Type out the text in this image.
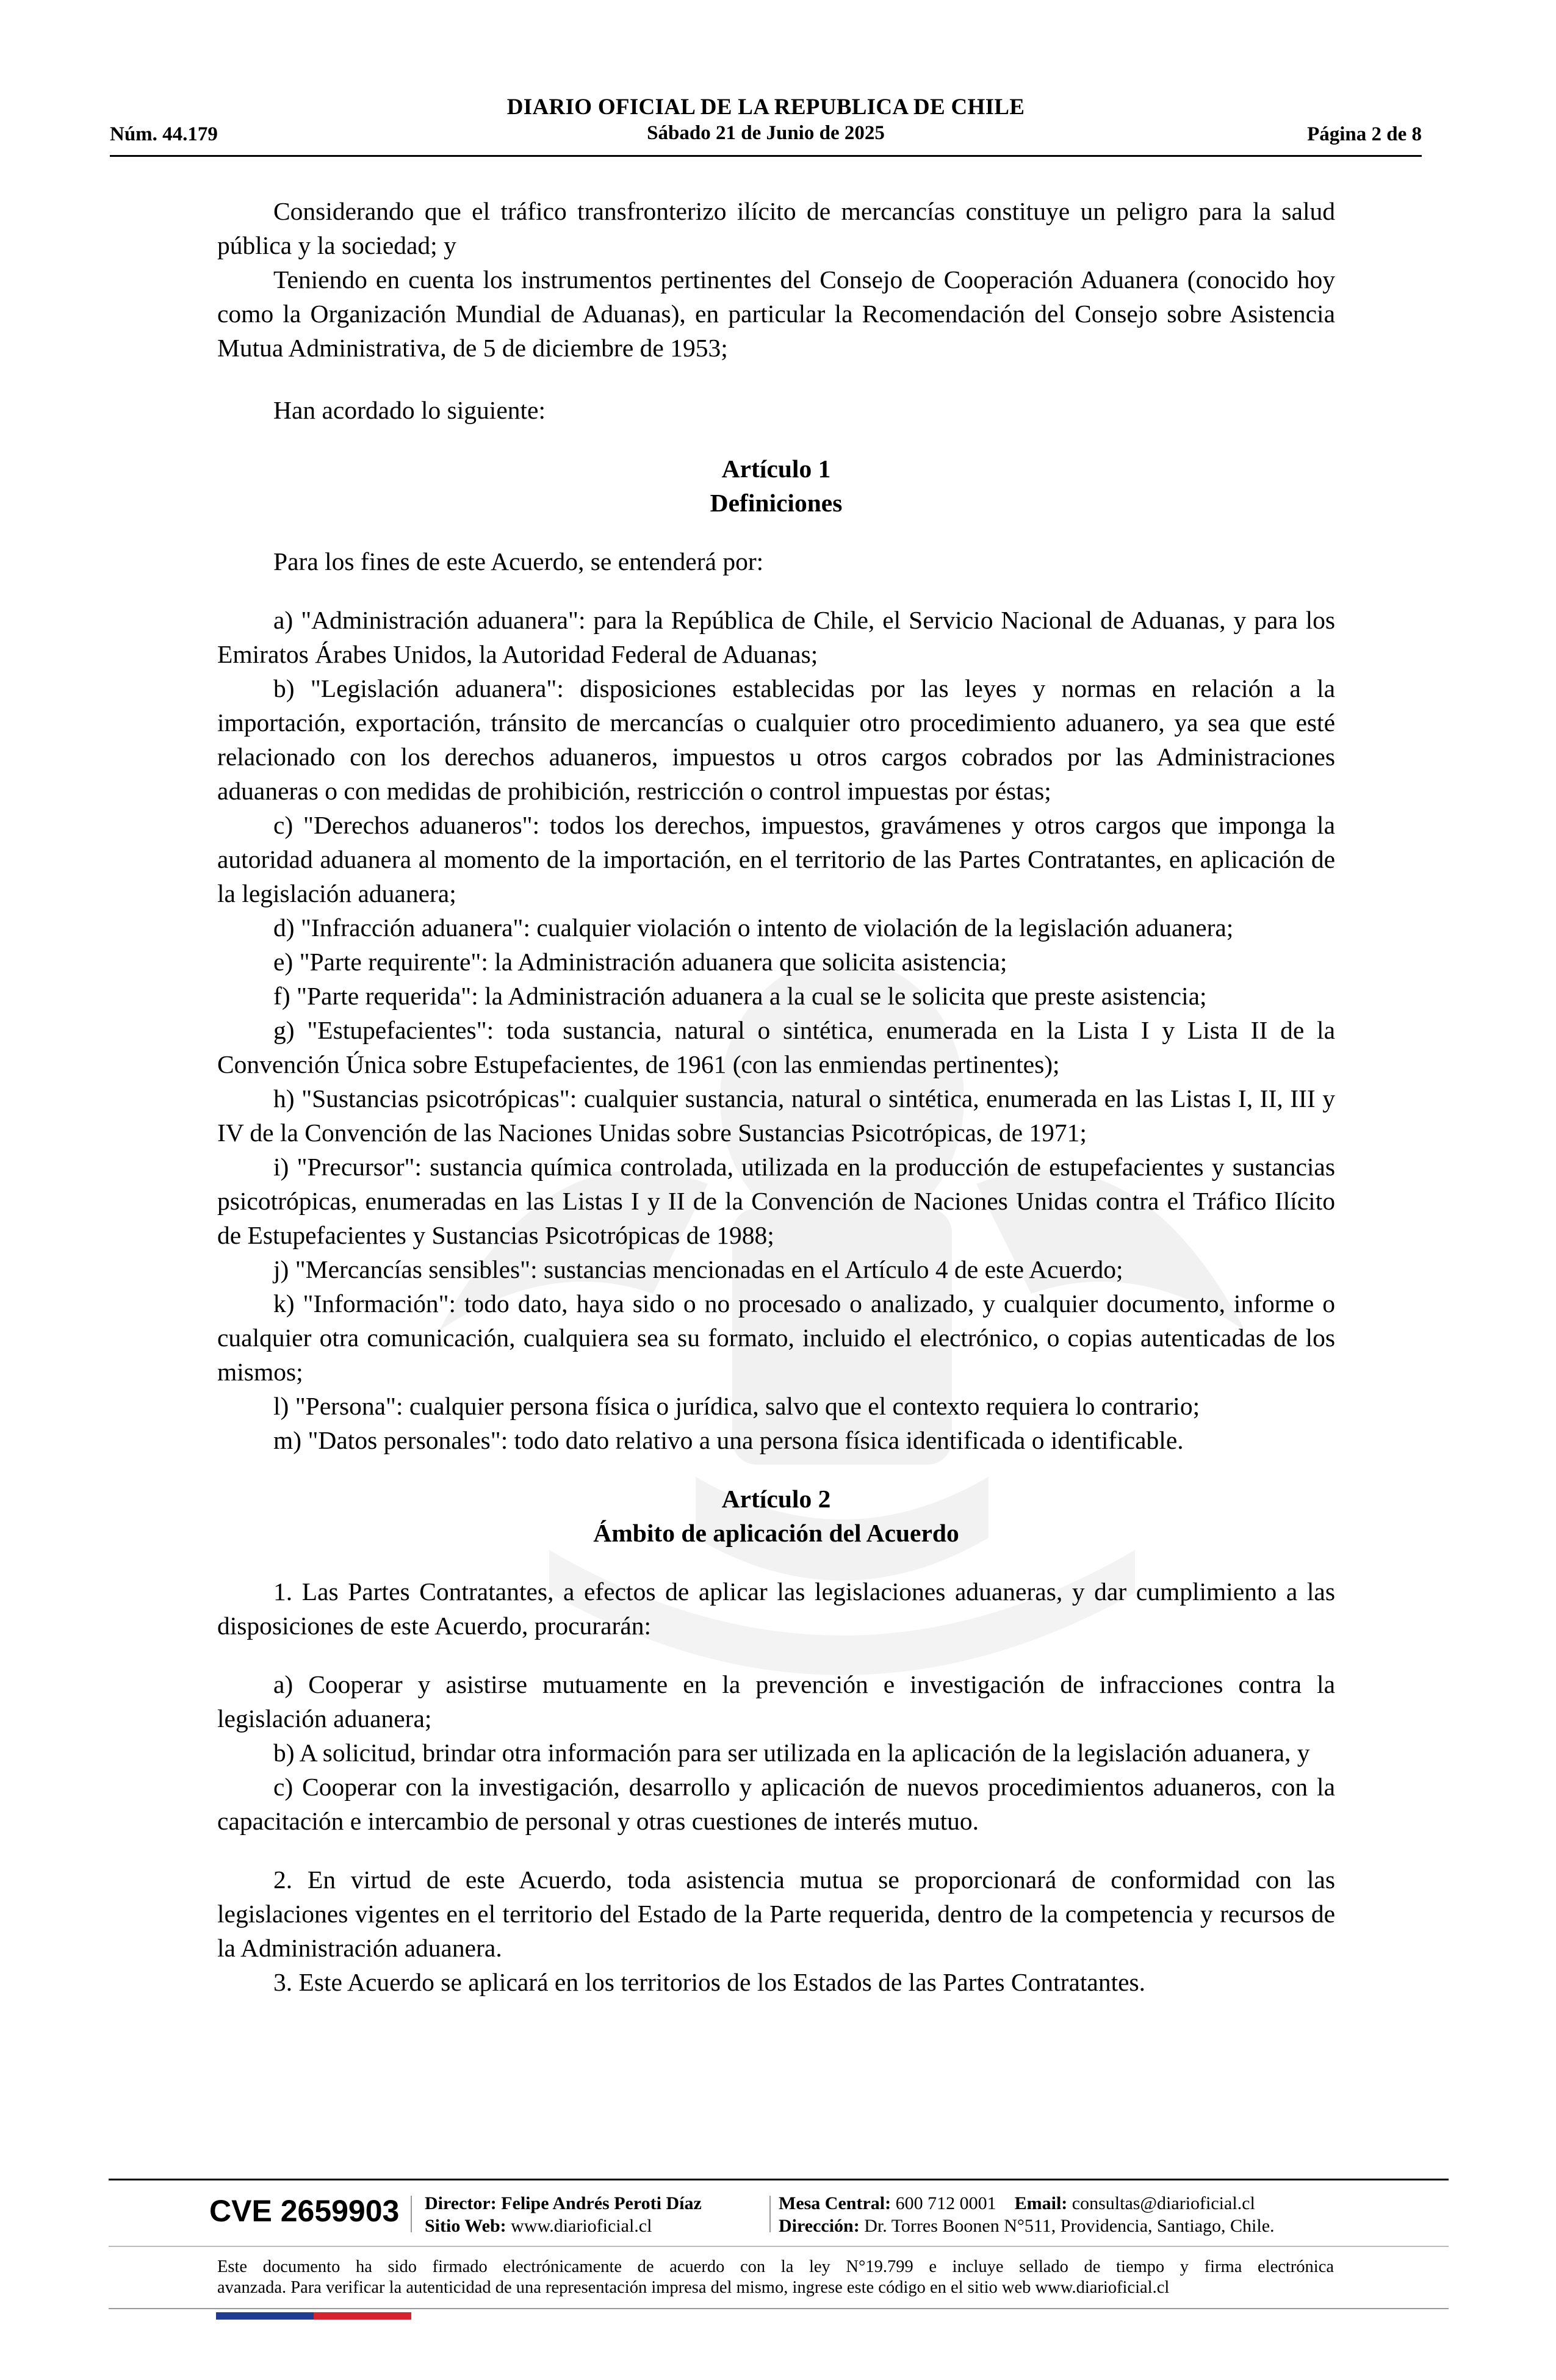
DIARIO OFICIAL DE LA REPUBLICA DE CHILE
Sábado 21 de Junio de 2025
Núm. 44.179	Página 2 de 8

Considerando que el tráfico transfronterizo ilícito de mercancías constituye un peligro para la salud pública y la sociedad; y

Teniendo en cuenta los instrumentos pertinentes del Consejo de Cooperación Aduanera (conocido hoy como la Organización Mundial de Aduanas), en particular la Recomendación del Consejo sobre Asistencia Mutua Administrativa, de 5 de diciembre de 1953;

Han acordado lo siguiente:

Artículo 1

Definiciones

Para los fines de este Acuerdo, se entenderá por:

a) "Administración aduanera": para la República de Chile, el Servicio Nacional de Aduanas, y para los Emiratos Árabes Unidos, la Autoridad Federal de Aduanas;

b) "Legislación aduanera": disposiciones establecidas por las leyes y normas en relación a la importación, exportación, tránsito de mercancías o cualquier otro procedimiento aduanero, ya sea que esté relacionado con los derechos aduaneros, impuestos u otros cargos cobrados por las Administraciones aduaneras o con medidas de prohibición, restricción o control impuestas por éstas;

c) "Derechos aduaneros": todos los derechos, impuestos, gravámenes y otros cargos que imponga la autoridad aduanera al momento de la importación, en el territorio de las Partes Contratantes, en aplicación de la legislación aduanera;

d) "Infracción aduanera": cualquier violación o intento de violación de la legislación aduanera;

e) "Parte requirente": la Administración aduanera que solicita asistencia;

f) "Parte requerida": la Administración aduanera a la cual se le solicita que preste asistencia;

g) "Estupefacientes": toda sustancia, natural o sintética, enumerada en la Lista I y Lista II de la Convención Única sobre Estupefacientes, de 1961 (con las enmiendas pertinentes);

h) "Sustancias psicotrópicas": cualquier sustancia, natural o sintética, enumerada en las Listas I, II, III y IV de la Convención de las Naciones Unidas sobre Sustancias Psicotrópicas, de 1971;

i) "Precursor": sustancia química controlada, utilizada en la producción de estupefacientes y sustancias psicotrópicas, enumeradas en las Listas I y II de la Convención de Naciones Unidas contra el Tráfico Ilícito de Estupefacientes y Sustancias Psicotrópicas de 1988;

j) "Mercancías sensibles": sustancias mencionadas en el Artículo 4 de este Acuerdo;

k) "Información": todo dato, haya sido o no procesado o analizado, y cualquier documento, informe o cualquier otra comunicación, cualquiera sea su formato, incluido el electrónico, o copias autenticadas de los mismos;

l) "Persona": cualquier persona física o jurídica, salvo que el contexto requiera lo contrario;

m) "Datos personales": todo dato relativo a una persona física identificada o identificable.

Artículo 2

Ámbito de aplicación del Acuerdo

1. Las Partes Contratantes, a efectos de aplicar las legislaciones aduaneras, y dar cumplimiento a las disposiciones de este Acuerdo, procurarán:

a) Cooperar y asistirse mutuamente en la prevención e investigación de infracciones contra la legislación aduanera;

b) A solicitud, brindar otra información para ser utilizada en la aplicación de la legislación aduanera, y

c) Cooperar con la investigación, desarrollo y aplicación de nuevos procedimientos aduaneros, con la capacitación e intercambio de personal y otras cuestiones de interés mutuo.

2. En virtud de este Acuerdo, toda asistencia mutua se proporcionará de conformidad con las legislaciones vigentes en el territorio del Estado de la Parte requerida, dentro de la competencia y recursos de la Administración aduanera.

3. Este Acuerdo se aplicará en los territorios de los Estados de las Partes Contratantes.

CVE 2659903 Director: Felipe Andrés Peroti Díaz
Sitio Web: www.diarioficial.cl
Mesa Central: 600 712 0001 Email: consultas@diarioficial.cl
Dirección: Dr. Torres Boonen N°511, Providencia, Santiago, Chile.
Este documento ha sido firmado electrónicamente de acuerdo con la ley N°19.799 e incluye sellado de tiempo y firma electrónica
avanzada. Para verificar la autenticidad de una representación impresa del mismo, ingrese este código en el sitio web www.diarioficial.cl
